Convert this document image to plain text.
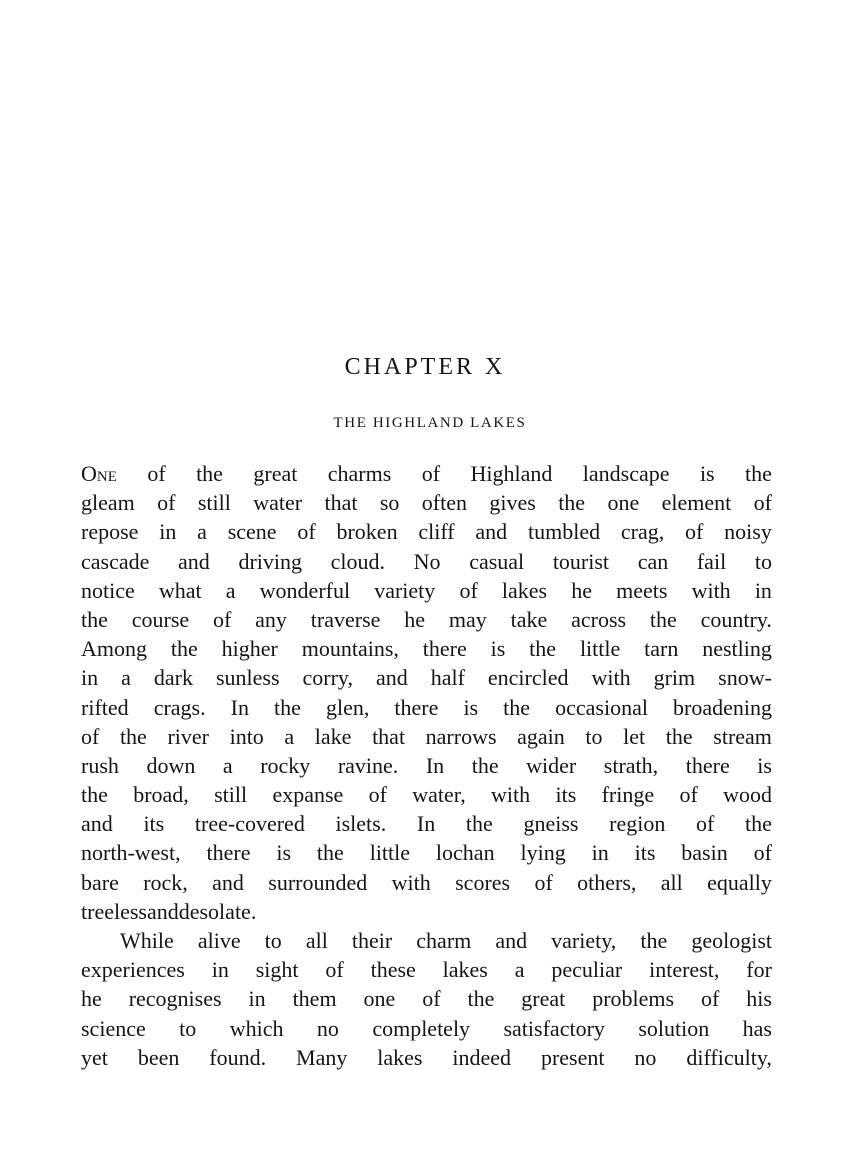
CHAPTER X
THE HIGHLAND LAKES
One of the great charms of Highland landscape is the
gleam of still water that so often gives the one element of
repose in a scene of broken cliff and tumbled crag, of noisy
cascade and driving cloud. No casual tourist can fail to
notice what a wonderful variety of lakes he meets with in
the course of any traverse he may take across the country.
Among the higher mountains, there is the little tarn nestling
in a dark sunless corry, and half encircled with grim snow-
rifted crags. In the glen, there is the occasional broadening
of the river into a lake that narrows again to let the stream
rush down a rocky ravine. In the wider strath, there is
the broad, still expanse of water, with its fringe of wood
and its tree-covered islets. In the gneiss region of the
north-west, there is the little lochan lying in its basin of
bare rock, and surrounded with scores of others, all equally
treeless and desolate.
While alive to all their charm and variety, the geologist
experiences in sight of these lakes a peculiar interest, for
he recognises in them one of the great problems of his
science to which no completely satisfactory solution has
yet been found. Many lakes indeed present no difficulty,
